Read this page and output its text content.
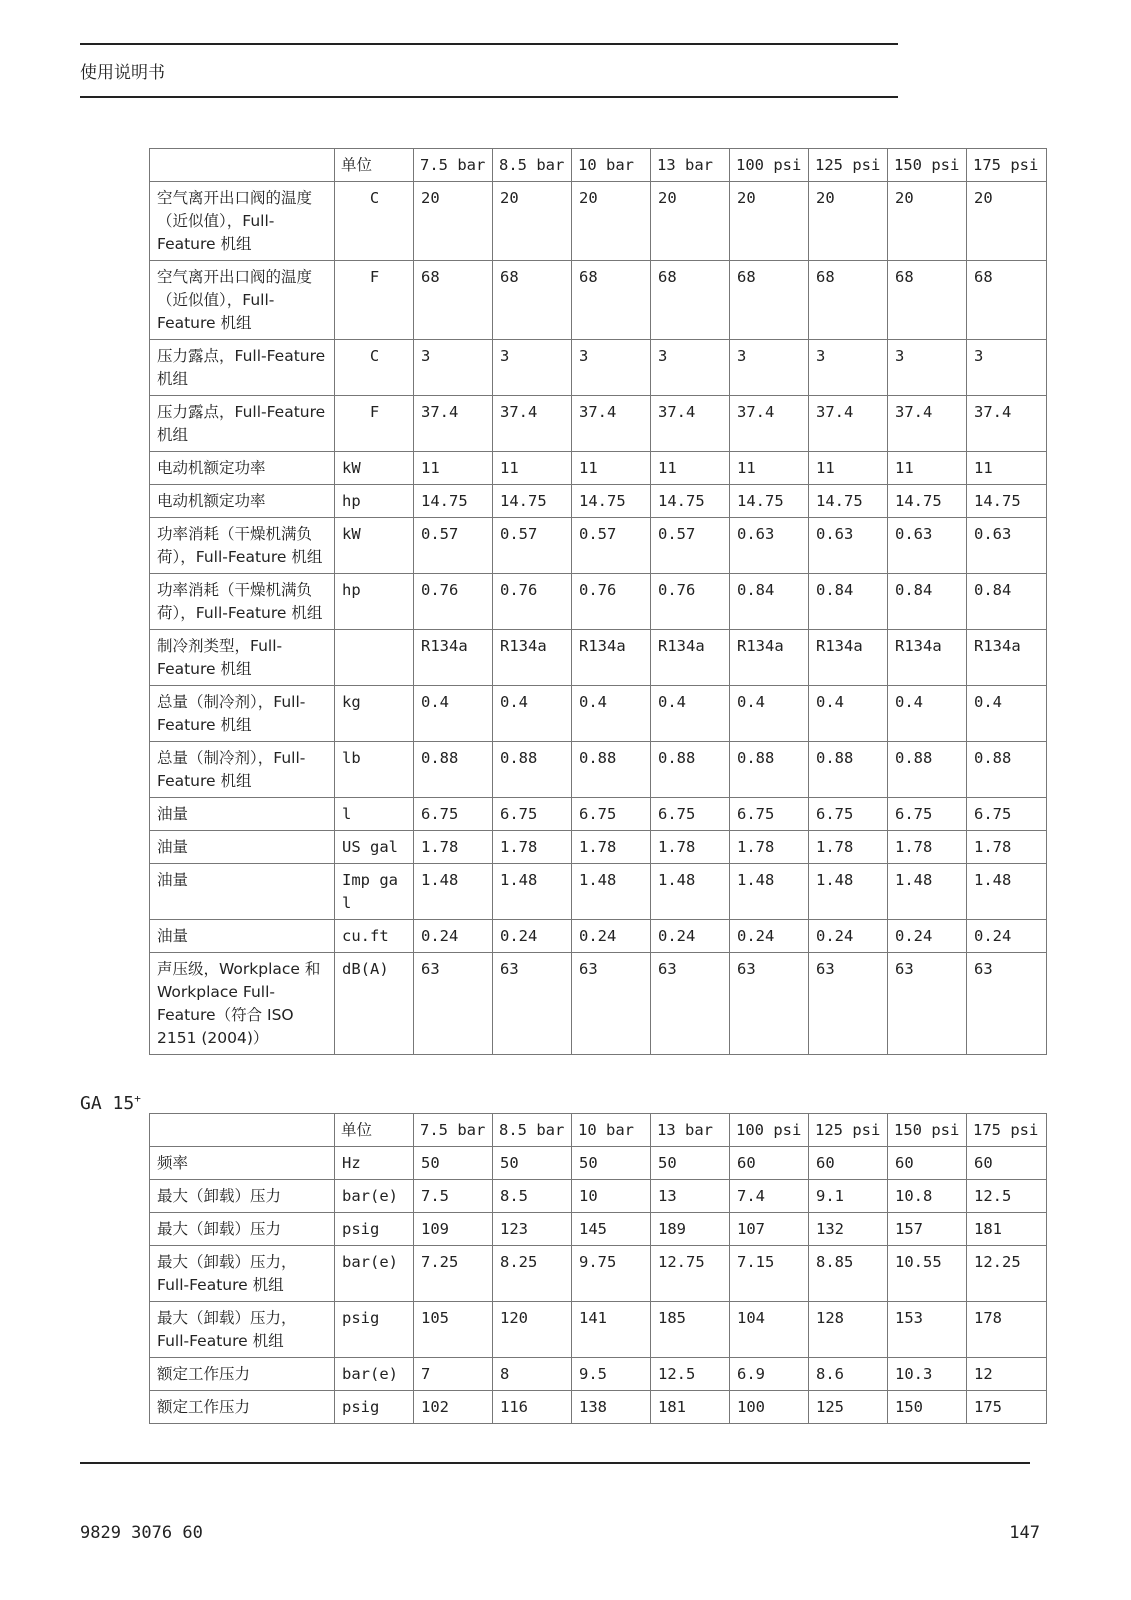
使用说明书
	单位	7.5 bar	8.5 bar	10 bar	13 bar	100 psi	125 psi	150 psi	175 psi
空气离开出口阀的温度（近似值），Full-Feature 机组	C	20	20	20	20	20	20	20	20
空气离开出口阀的温度（近似值），Full-Feature 机组	F	68	68	68	68	68	68	68	68
压力露点，Full-Feature 机组	C	3	3	3	3	3	3	3	3
压力露点，Full-Feature 机组	F	37.4	37.4	37.4	37.4	37.4	37.4	37.4	37.4
电动机额定功率	kW	11	11	11	11	11	11	11	11
电动机额定功率	hp	14.75	14.75	14.75	14.75	14.75	14.75	14.75	14.75
功率消耗（干燥机满负荷），Full-Feature 机组	kW	0.57	0.57	0.57	0.57	0.63	0.63	0.63	0.63
功率消耗（干燥机满负荷），Full-Feature 机组	hp	0.76	0.76	0.76	0.76	0.84	0.84	0.84	0.84
制冷剂类型，Full-Feature 机组		R134a	R134a	R134a	R134a	R134a	R134a	R134a	R134a
总量（制冷剂），Full-Feature 机组	kg	0.4	0.4	0.4	0.4	0.4	0.4	0.4	0.4
总量（制冷剂），Full-Feature 机组	lb	0.88	0.88	0.88	0.88	0.88	0.88	0.88	0.88
油量	l	6.75	6.75	6.75	6.75	6.75	6.75	6.75	6.75
油量	US gal	1.78	1.78	1.78	1.78	1.78	1.78	1.78	1.78
油量	Imp gal	1.48	1.48	1.48	1.48	1.48	1.48	1.48	1.48
油量	cu.ft	0.24	0.24	0.24	0.24	0.24	0.24	0.24	0.24
声压级，Workplace 和 Workplace Full-Feature（符合 ISO 2151 (2004)）	dB(A)	63	63	63	63	63	63	63	63
GA 15+
	单位	7.5 bar	8.5 bar	10 bar	13 bar	100 psi	125 psi	150 psi	175 psi
频率	Hz	50	50	50	50	60	60	60	60
最大（卸载）压力	bar(e)	7.5	8.5	10	13	7.4	9.1	10.8	12.5
最大（卸载）压力	psig	109	123	145	189	107	132	157	181
最大（卸载）压力，Full-Feature 机组	bar(e)	7.25	8.25	9.75	12.75	7.15	8.85	10.55	12.25
最大（卸载）压力，Full-Feature 机组	psig	105	120	141	185	104	128	153	178
额定工作压力	bar(e)	7	8	9.5	12.5	6.9	8.6	10.3	12
额定工作压力	psig	102	116	138	181	100	125	150	175
9829 3076 60	147
